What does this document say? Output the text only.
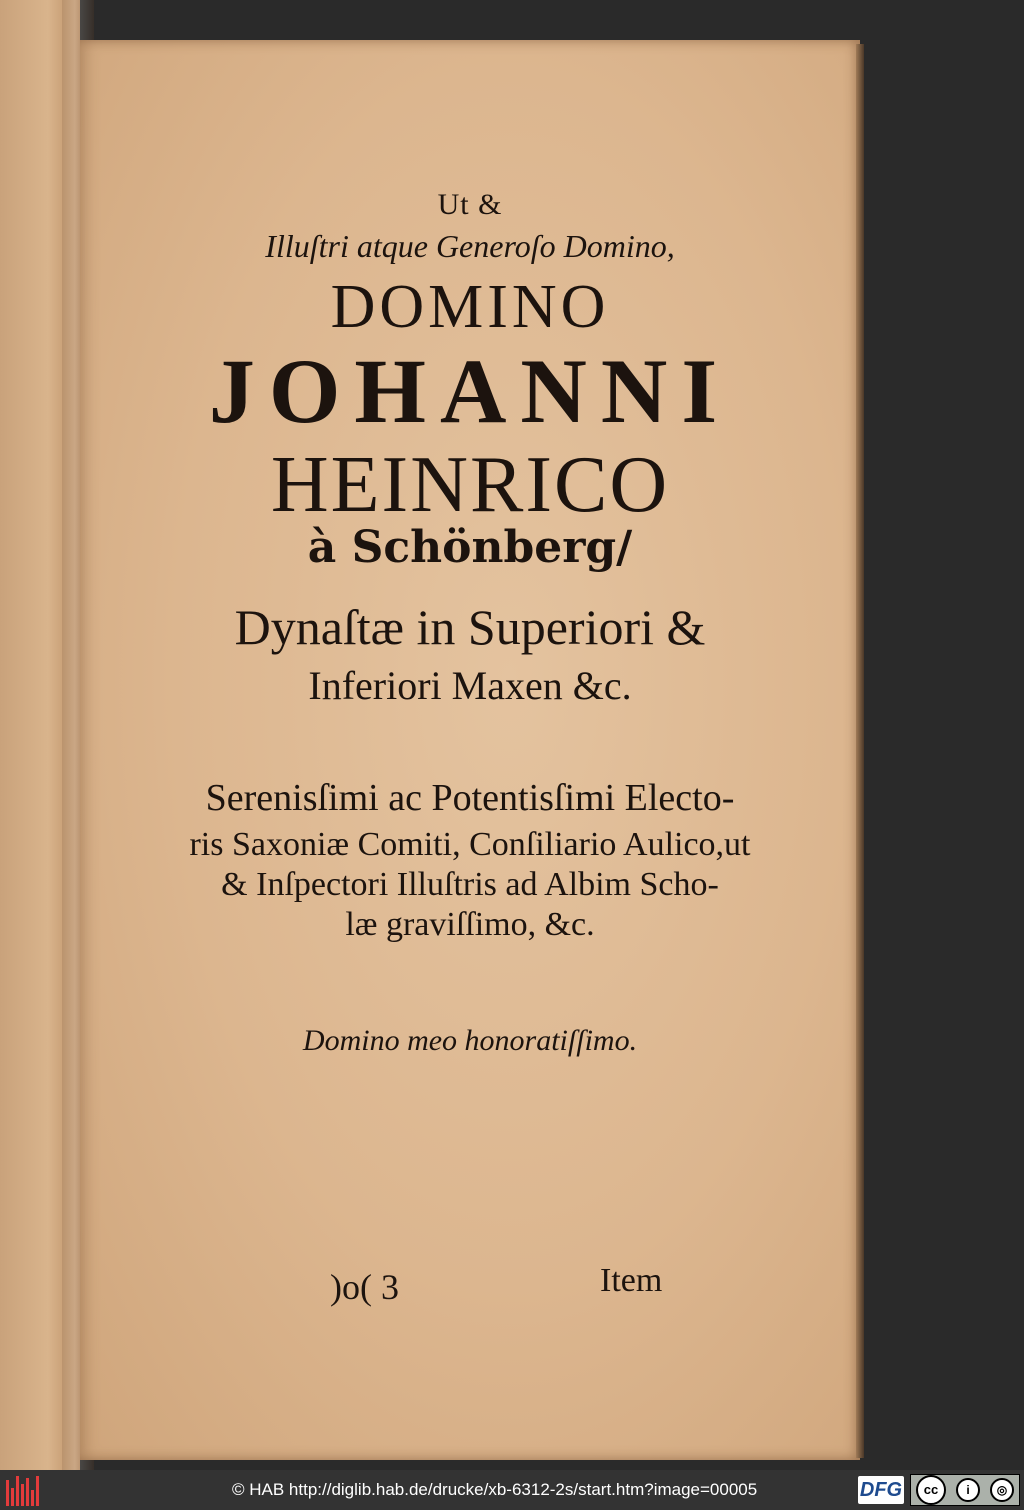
Ut &
Illuſtri atque Generoſo Domino,
DOMINO
JOHANNI
HEINRICO
à Schönberg/
Dynaſtæ in Superiori &
Inferiori Maxen &c.
Serenisſimi ac Potentisſimi Electo-
ris Saxoniæ Comiti, Conſiliario Aulico,ut
& Inſpectori Illuſtris ad Albim Scho-
læ graviſſimo, &c.
Domino meo honoratiſſimo.
)o( 3	Item
© HAB http://diglib.hab.de/drucke/xb-6312-2s/start.htm?image=00005	DFG	cc	i	◎
